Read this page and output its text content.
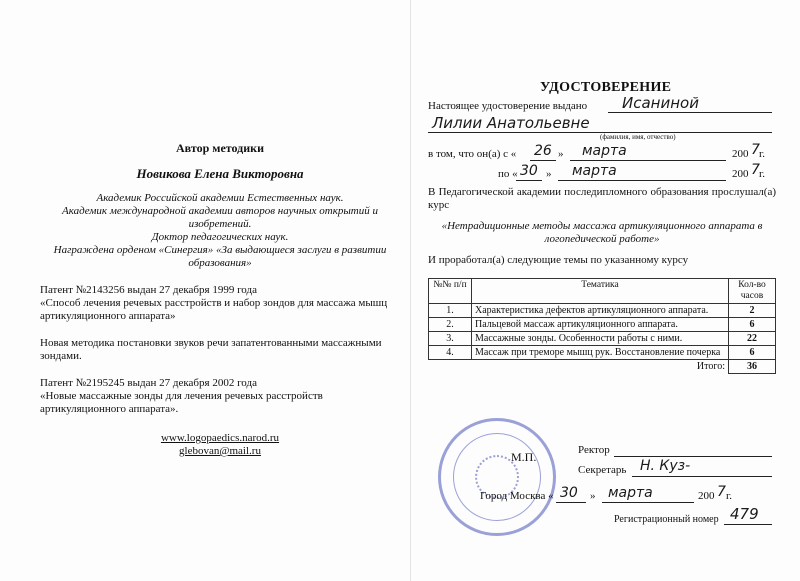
Автор методики
Новикова Елена Викторовна
Академик Российской академии Естественных наук.
Академик международной академии авторов научных открытий и изобретений.
Доктор педагогических наук.
Награждена орденом «Синергия» «За выдающиеся заслуги в развитии образования»
Патент №2143256 выдан 27 декабря 1999 года
«Способ лечения речевых расстройств и набор зондов для массажа мышц артикуляционного аппарата»
Новая методика постановки звуков речи запатентованными массажными зондами.
Патент №2195245 выдан 27 декабря 2002 года
«Новые массажные зонды для лечения речевых расстройств артикуляционного аппарата».
www.logopaedics.narod.ru
glebovan@mail.ru
УДОСТОВЕРЕНИЕ
Настоящее удостоверение выдано Исаниной
Лилии Анатольевне
(фамилия, имя, отчество)
в том, что он(а) с « 26 » марта	200 7 г.
по « 30 » марта	200 7 г.
В Педагогической академии последипломного образования прослушал(а) курс
«Нетрадиционные методы массажа артикуляционного аппарата в логопедической работе»
И проработал(а) следующие темы по указанному курсу
№№ п/п	Тематика	Кол-во часов
1.	Характеристика дефектов артикуляционного аппарата.	2
2.	Пальцевой массаж артикуляционного аппарата.	6
3.	Массажные зонды. Особенности работы с ними.	22
4.	Массаж при треморе мышц рук. Восстановление почерка	6
Итого:		36
Ректор
М.П.
Секретарь Н. Куз-
Город Москва « 30 » марта	200 7 г.
Регистрационный номер 479
